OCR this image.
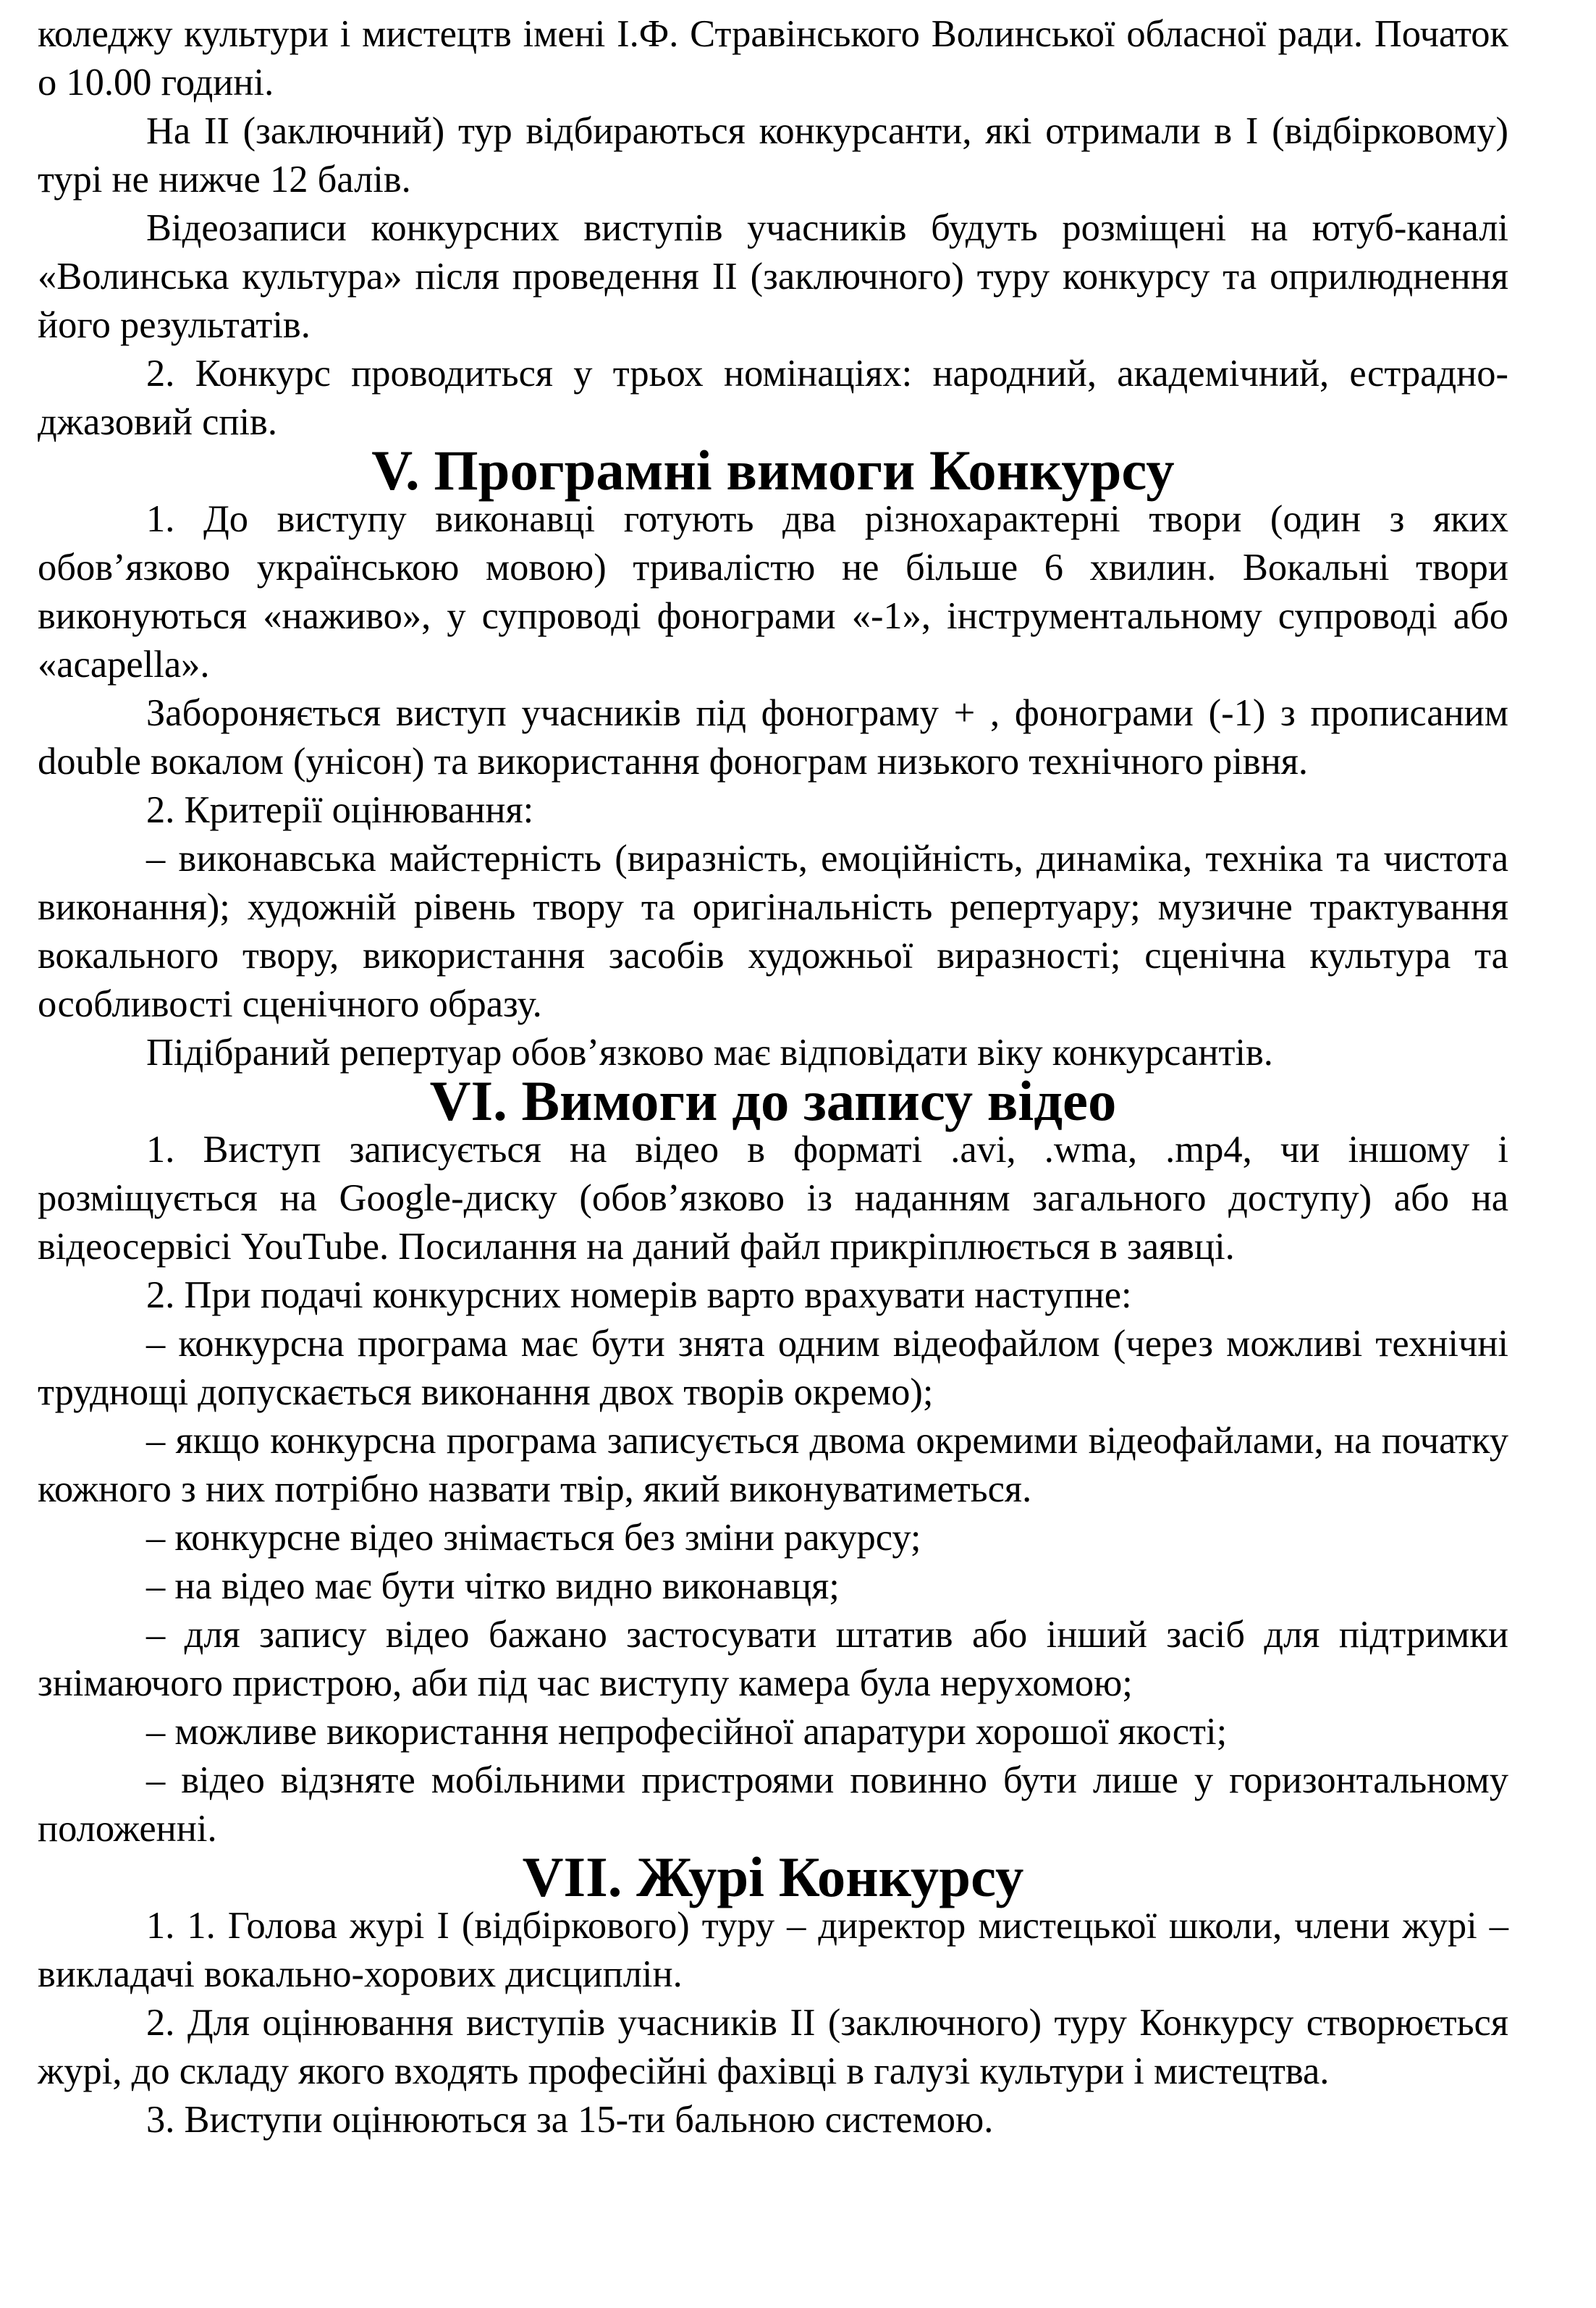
коледжу культури і мистецтв імені І.Ф. Стравінського Волинської обласної ради. Початок о 10.00 годині.

На ІІ (заключний) тур відбираються конкурсанти, які отримали в І (відбірковому) турі не нижче 12 балів.

Відеозаписи конкурсних виступів учасників будуть розміщені на ютуб-каналі «Волинська культура» після проведення ІІ (заключного) туру конкурсу та оприлюднення його результатів.

2. Конкурс проводиться у трьох номінаціях: народний, академічний, естрадно-джазовий спів.

V. Програмні вимоги Конкурсу

1. До виступу виконавці готують два різнохарактерні твори (один з яких обов’язково українською мовою) тривалістю не більше 6 хвилин. Вокальні твори виконуються «наживо», у супроводі фонограми «-1», інструментальному супроводі або «acapella».

Забороняється виступ учасників під фонограму + , фонограми (-1) з прописаним double вокалом (унісон) та використання фонограм низького технічного рівня.

2. Критерії оцінювання:

– виконавська майстерність (виразність, емоційність, динаміка, техніка та чистота виконання); художній рівень твору та оригінальність репертуару; музичне трактування вокального твору, використання засобів художньої виразності; сценічна культура та особливості сценічного образу.

Підібраний репертуар обов’язково має відповідати віку конкурсантів.

VI. Вимоги до запису відео

1. Виступ записується на відео в форматі .avi, .wma, .mp4, чи іншому і розміщується на Google-диску (обов’язково із наданням загального доступу) або на відеосервісі YouTube. Посилання на даний файл прикріплюється в заявці.

2. При подачі конкурсних номерів варто врахувати наступне:

– конкурсна програма має бути знята одним відеофайлом (через можливі технічні труднощі допускається виконання двох творів окремо);

– якщо конкурсна програма записується двома окремими відеофайлами, на початку кожного з них потрібно назвати твір, який виконуватиметься.

– конкурсне відео знімається без зміни ракурсу;

– на відео має бути чітко видно виконавця;

– для запису відео бажано застосувати штатив або інший засіб для підтримки знімаючого пристрою, аби під час виступу камера була нерухомою;

– можливе використання непрофесійної апаратури хорошої якості;

– відео відзняте мобільними пристроями повинно бути лише у горизонтальному положенні.

VII. Журі Конкурсу

1. 1. Голова журі І (відбіркового) туру – директор мистецької школи, члени журі – викладачі вокально-хорових дисциплін.

2. Для оцінювання виступів учасників ІІ (заключного) туру Конкурсу створюється журі, до складу якого входять професійні фахівці в галузі культури і мистецтва.

3. Виступи оцінюються за 15-ти бальною системою.
